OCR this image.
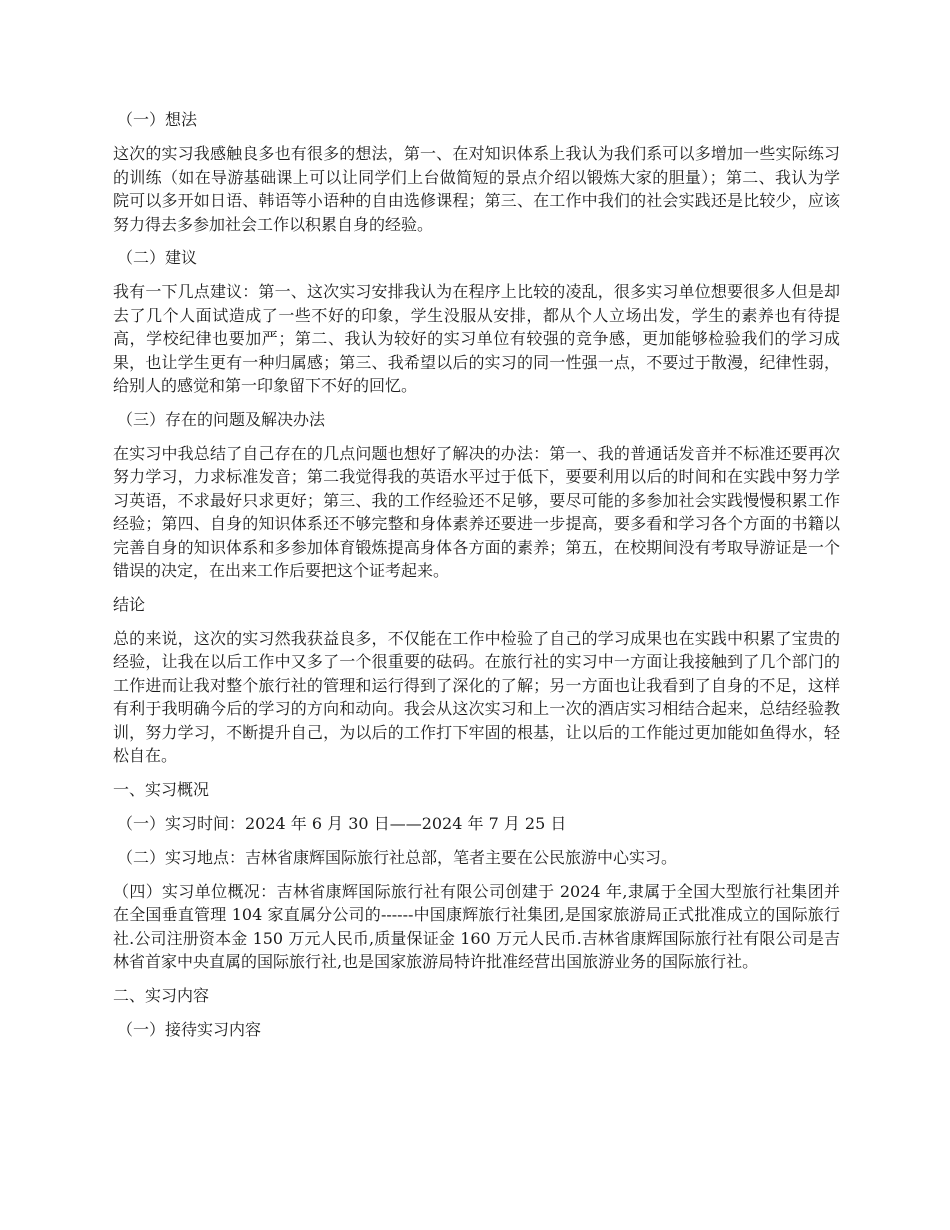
（一）想法
这次的实习我感触良多也有很多的想法，第一、在对知识体系上我认为我们系可以多增加一些实际练习的训练（如在导游基础课上可以让同学们上台做简短的景点介绍以锻炼大家的胆量）；第二、我认为学院可以多开如日语、韩语等小语种的自由选修课程；第三、在工作中我们的社会实践还是比较少，应该努力得去多参加社会工作以积累自身的经验。
（二）建议
我有一下几点建议：第一、这次实习安排我认为在程序上比较的凌乱，很多实习单位想要很多人但是却去了几个人面试造成了一些不好的印象，学生没服从安排，都从个人立场出发，学生的素养也有待提高，学校纪律也要加严；第二、我认为较好的实习单位有较强的竞争感，更加能够检验我们的学习成果，也让学生更有一种归属感；第三、我希望以后的实习的同一性强一点，不要过于散漫，纪律性弱，给别人的感觉和第一印象留下不好的回忆。
（三）存在的问题及解决办法
在实习中我总结了自己存在的几点问题也想好了解决的办法：第一、我的普通话发音并不标准还要再次努力学习，力求标准发音；第二我觉得我的英语水平过于低下，要要利用以后的时间和在实践中努力学习英语，不求最好只求更好；第三、我的工作经验还不足够，要尽可能的多参加社会实践慢慢积累工作经验；第四、自身的知识体系还不够完整和身体素养还要进一步提高，要多看和学习各个方面的书籍以完善自身的知识体系和多参加体育锻炼提高身体各方面的素养；第五，在校期间没有考取导游证是一个错误的决定，在出来工作后要把这个证考起来。
结论
总的来说，这次的实习然我获益良多，不仅能在工作中检验了自己的学习成果也在实践中积累了宝贵的经验，让我在以后工作中又多了一个很重要的砝码。在旅行社的实习中一方面让我接触到了几个部门的工作进而让我对整个旅行社的管理和运行得到了深化的了解；另一方面也让我看到了自身的不足，这样有利于我明确今后的学习的方向和动向。我会从这次实习和上一次的酒店实习相结合起来，总结经验教训，努力学习，不断提升自己，为以后的工作打下牢固的根基，让以后的工作能过更加能如鱼得水，轻松自在。
一、实习概况
（一）实习时间：2024 年 6 月 30 日——2024 年 7 月 25 日
（二）实习地点：吉林省康辉国际旅行社总部，笔者主要在公民旅游中心实习。
（四）实习单位概况：吉林省康辉国际旅行社有限公司创建于 2024 年,隶属于全国大型旅行社集团并在全国垂直管理 104 家直属分公司的------中国康辉旅行社集团,是国家旅游局正式批准成立的国际旅行社.公司注册资本金 150 万元人民币,质量保证金 160 万元人民币.吉林省康辉国际旅行社有限公司是吉林省首家中央直属的国际旅行社,也是国家旅游局特许批准经营出国旅游业务的国际旅行社。
二、实习内容
（一）接待实习内容
